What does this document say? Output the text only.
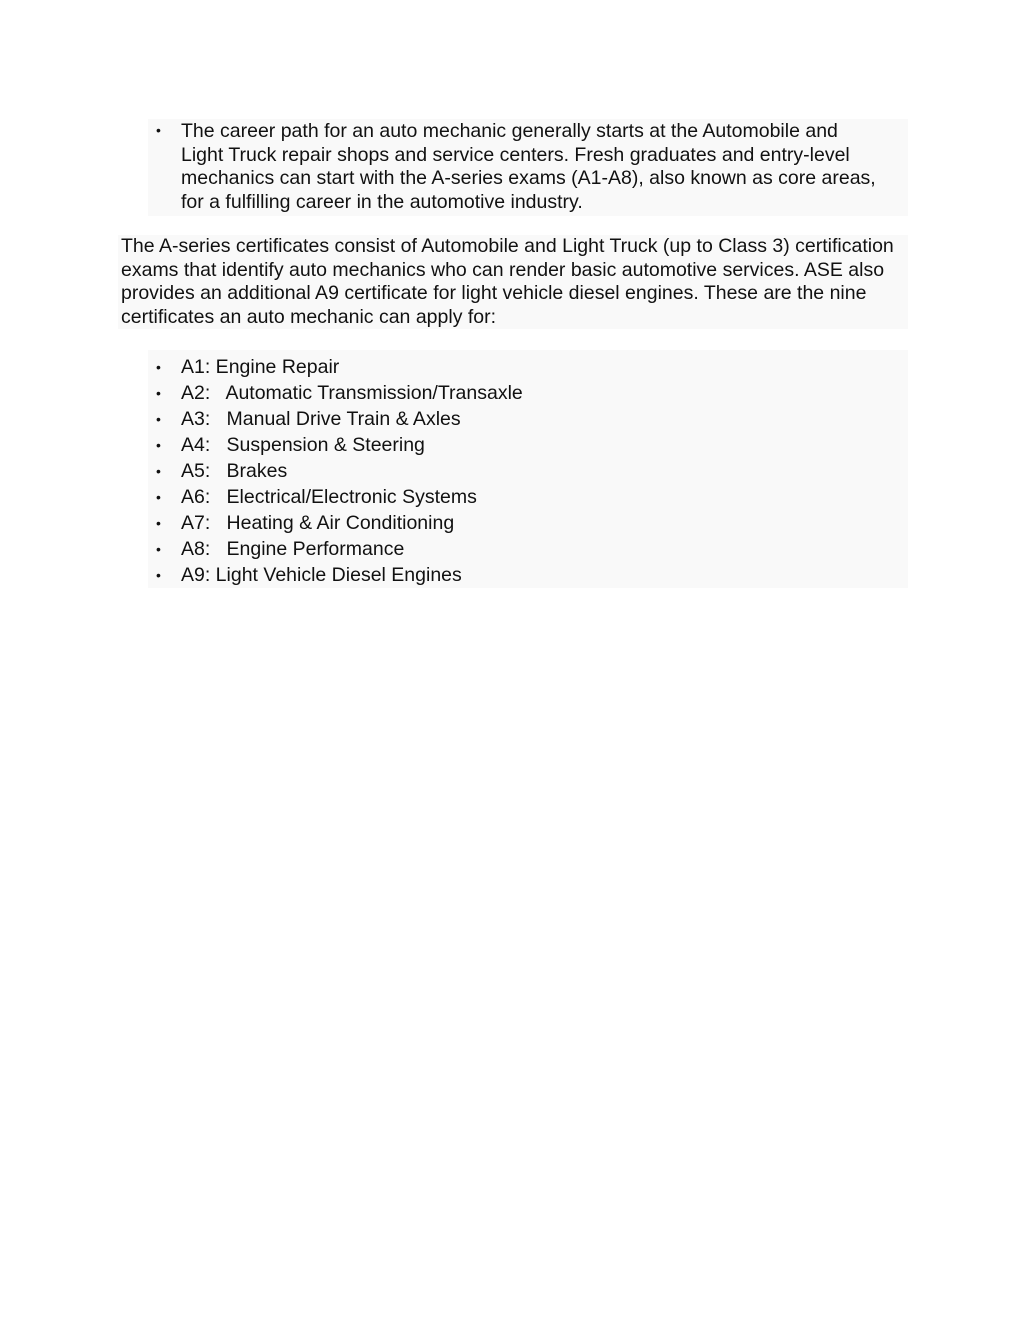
• The career path for an auto mechanic generally starts at the Automobile and Light Truck repair shops and service centers. Fresh graduates and entry-level mechanics can start with the A-series exams (A1-A8), also known as core areas, for a fulfilling career in the automotive industry.
The A-series certificates consist of Automobile and Light Truck (up to Class 3) certification exams that identify auto mechanics who can render basic automotive services. ASE also provides an additional A9 certificate for light vehicle diesel engines. These are the nine certificates an auto mechanic can apply for:
• A1: Engine Repair
• A2:   Automatic Transmission/Transaxle
• A3:   Manual Drive Train & Axles
• A4:   Suspension & Steering
• A5:   Brakes
• A6:   Electrical/Electronic Systems
• A7:   Heating & Air Conditioning
• A8:   Engine Performance
• A9: Light Vehicle Diesel Engines
